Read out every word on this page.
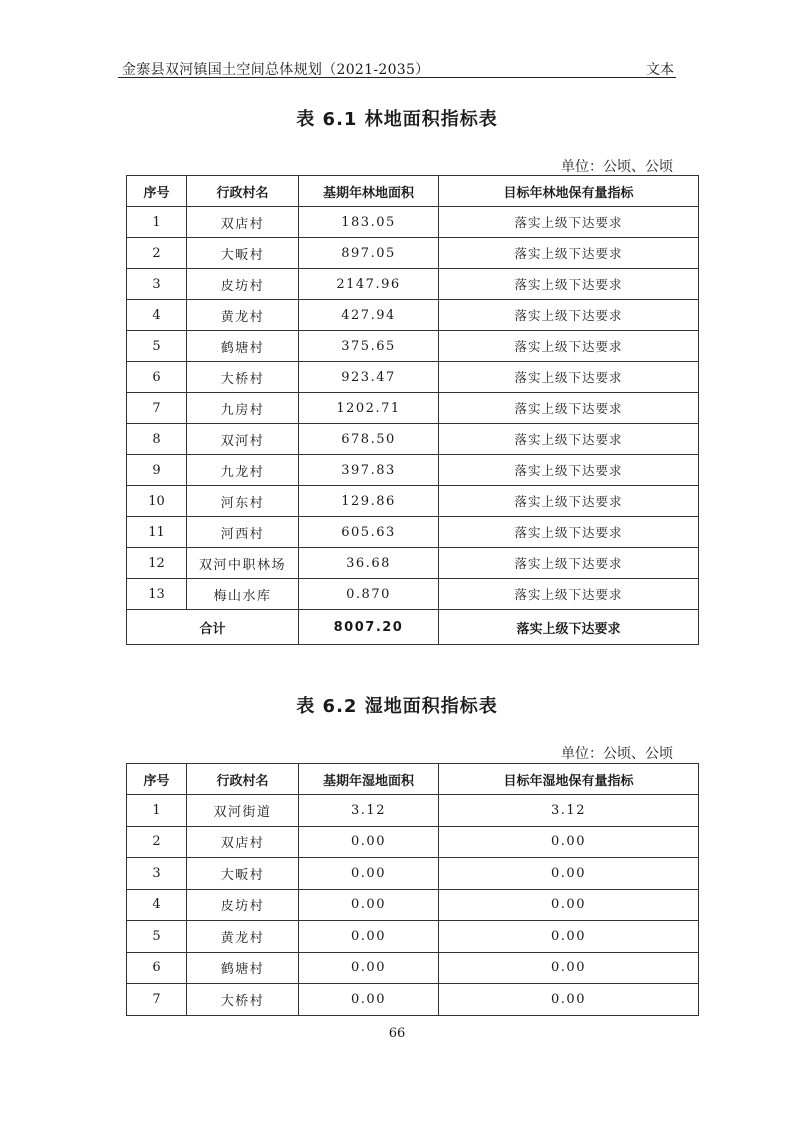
金寨县双河镇国土空间总体规划（2021-2035）	文本
表 6.1 林地面积指标表
单位：公顷、公顷
序号	行政村名	基期年林地面积	目标年林地保有量指标
1	双店村	183.05	落实上级下达要求
2	大畈村	897.05	落实上级下达要求
3	皮坊村	2147.96	落实上级下达要求
4	黄龙村	427.94	落实上级下达要求
5	鹤塘村	375.65	落实上级下达要求
6	大桥村	923.47	落实上级下达要求
7	九房村	1202.71	落实上级下达要求
8	双河村	678.50	落实上级下达要求
9	九龙村	397.83	落实上级下达要求
10	河东村	129.86	落实上级下达要求
11	河西村	605.63	落实上级下达要求
12	双河中职林场	36.68	落实上级下达要求
13	梅山水库	0.870	落实上级下达要求
合计		8007.20	落实上级下达要求
表 6.2 湿地面积指标表
单位：公顷、公顷
序号	行政村名	基期年湿地面积	目标年湿地保有量指标
1	双河街道	3.12	3.12
2	双店村	0.00	0.00
3	大畈村	0.00	0.00
4	皮坊村	0.00	0.00
5	黄龙村	0.00	0.00
6	鹤塘村	0.00	0.00
7	大桥村	0.00	0.00
66
